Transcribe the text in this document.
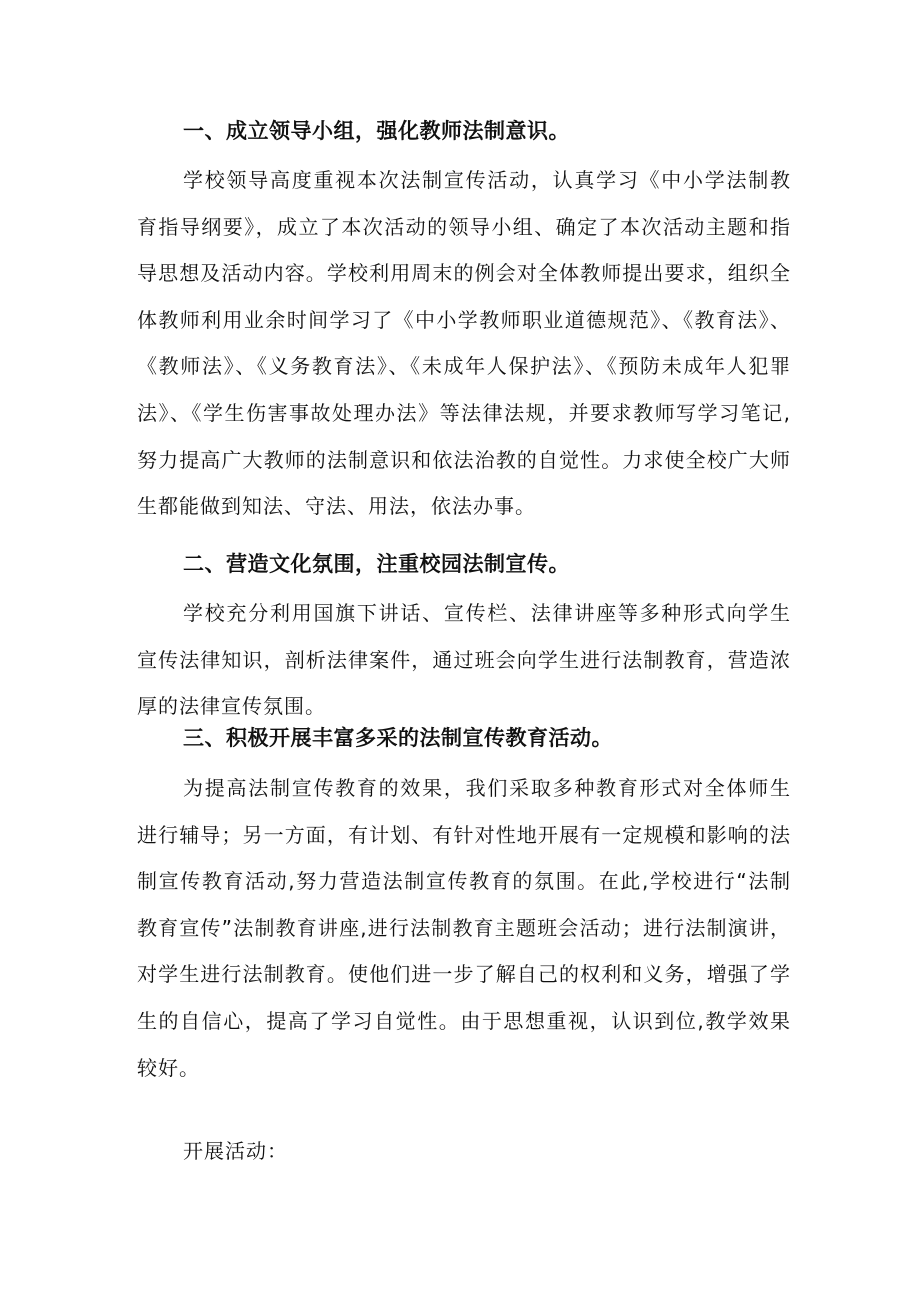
一、成立领导小组，强化教师法制意识。

学校领导高度重视本次法制宣传活动，认真学习《中小学法制教育指导纲要》，成立了本次活动的领导小组、确定了本次活动主题和指导思想及活动内容。学校利用周末的例会对全体教师提出要求，组织全体教师利用业余时间学习了《中小学教师职业道德规范》、《教育法》、《教师法》、《义务教育法》、《未成年人保护法》、《预防未成年人犯罪法》、《学生伤害事故处理办法》等法律法规，并要求教师写学习笔记,努力提高广大教师的法制意识和依法治教的自觉性。力求使全校广大师生都能做到知法、守法、用法，依法办事。

二、营造文化氛围，注重校园法制宣传。

学校充分利用国旗下讲话、宣传栏、法律讲座等多种形式向学生宣传法律知识，剖析法律案件，通过班会向学生进行法制教育，营造浓厚的法律宣传氛围。

三、积极开展丰富多采的法制宣传教育活动。

为提高法制宣传教育的效果，我们采取多种教育形式对全体师生进行辅导；另一方面，有计划、有针对性地开展有一定规模和影响的法制宣传教育活动,努力营造法制宣传教育的氛围。在此,学校进行“法制教育宣传”法制教育讲座,进行法制教育主题班会活动；进行法制演讲，对学生进行法制教育。使他们进一步了解自己的权利和义务，增强了学生的自信心，提高了学习自觉性。由于思想重视，认识到位,教学效果较好。

开展活动：
